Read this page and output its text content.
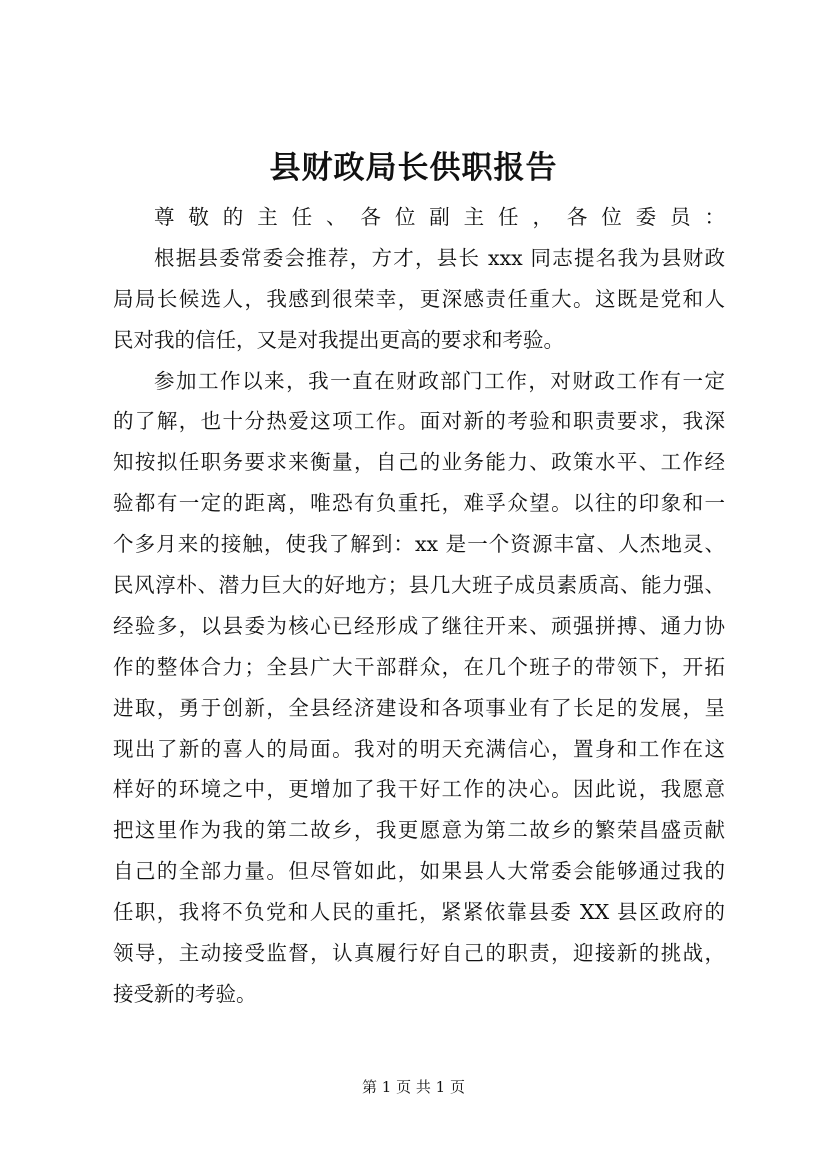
县财政局长供职报告
尊敬的主任、各位副主任，各位委员：
根据县委常委会推荐，方才，县长 xxx 同志提名我为县财政
局局长候选人，我感到很荣幸，更深感责任重大。这既是党和人
民对我的信任，又是对我提出更高的要求和考验。
参加工作以来，我一直在财政部门工作，对财政工作有一定
的了解，也十分热爱这项工作。面对新的考验和职责要求，我深
知按拟任职务要求来衡量，自己的业务能力、政策水平、工作经
验都有一定的距离，唯恐有负重托，难孚众望。以往的印象和一
个多月来的接触，使我了解到：xx 是一个资源丰富、人杰地灵、
民风淳朴、潜力巨大的好地方；县几大班子成员素质高、能力强、
经验多，以县委为核心已经形成了继往开来、顽强拼搏、通力协
作的整体合力；全县广大干部群众，在几个班子的带领下，开拓
进取，勇于创新，全县经济建设和各项事业有了长足的发展，呈
现出了新的喜人的局面。我对的明天充满信心，置身和工作在这
样好的环境之中，更增加了我干好工作的决心。因此说，我愿意
把这里作为我的第二故乡，我更愿意为第二故乡的繁荣昌盛贡献
自己的全部力量。但尽管如此，如果县人大常委会能够通过我的
任职，我将不负党和人民的重托，紧紧依靠县委 XX 县区政府的
领导，主动接受监督，认真履行好自己的职责，迎接新的挑战，
接受新的考验。
第 1 页 共 1 页
